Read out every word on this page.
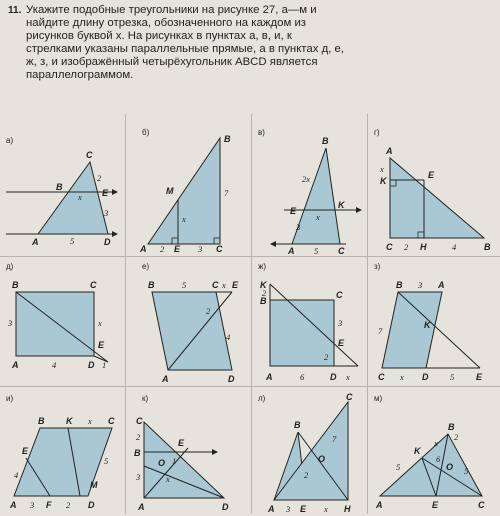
11. Укажите подобные треугольники на рисунке 27, а—м и найдите длину отрезка, обозначенного на каждом из рисунков буквой x. На рисунках в пунктах а, в, и, к стрелками указаны параллельные прямые, а в пунктах д, е, ж, з, и изображённый четырёхугольник ABCD является параллелограммом.
C
B
E
A	D
2
x
3
5
а)	B
M
A	E	C
7
x
2	3
б)
B
E
K
A	C
2x
x
3
5
в)
A
K
E
C	H	B
x
2	4
г)
B	C
E
A	D
3	x
4	1
д)
B	C E
A	D
5	x
2
4
е)
K
B
C
E
A	D
2
3
2
6	x
ж)
B	A
K
C	D	E
3
7
x	5
з)
B K	C
E
A	F	D
M
x
5
4
3	2
и)
C
B
E
O
A	D
2
3
1
x
к)	C
B
O
A	E	H
7
2
3	x
л)
B
K
O
A	E	C
2
x
5
6
5
м)
